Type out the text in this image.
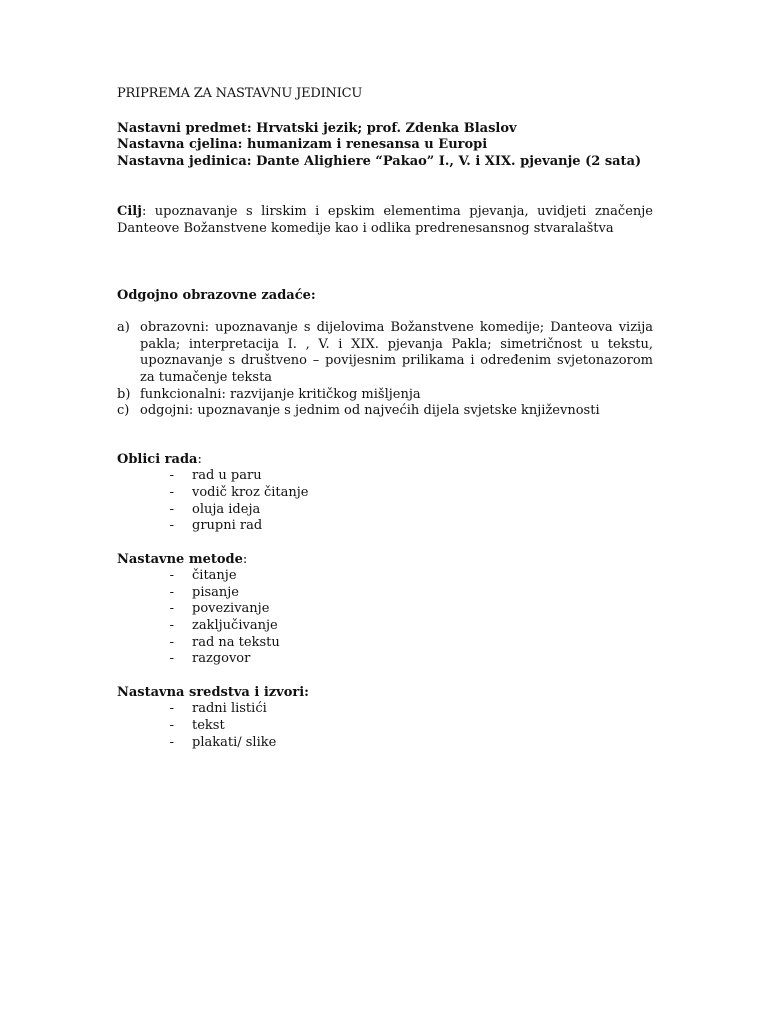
PRIPREMA ZA NASTAVNU JEDINICU

Nastavni predmet: Hrvatski jezik; prof. Zdenka Blaslov
Nastavna cjelina: humanizam i renesansa u Europi
Nastavna jedinica: Dante Alighiere “Pakao” I., V. i XIX. pjevanje (2 sata)
Cilj: upoznavanje s lirskim i epskim elementima pjevanja, uvidjeti značenje Danteove Božanstvene komedije kao i odlika predrenesansnog stvaralaštva
Odgojno obrazovne zadaće:
a) obrazovni: upoznavanje s dijelovima Božanstvene komedije; Danteova vizija pakla; interpretacija I. , V. i XIX. pjevanja Pakla; simetričnost u tekstu, upoznavanje s društveno – povijesnim prilikama i određenim svjetonazorom za tumačenje teksta
b) funkcionalni: razvijanje kritičkog mišljenja
c) odgojni: upoznavanje s jednim od najvećih dijela svjetske književnosti
Oblici rada:
-	rad u paru
-	vodič kroz čitanje
-	oluja ideja
-	grupni rad
Nastavne metode:
-	čitanje
-	pisanje
-	povezivanje
-	zaključivanje
-	rad na tekstu
-	razgovor
Nastavna sredstva i izvori:
-	radni listići
-	tekst
-	plakati/ slike
